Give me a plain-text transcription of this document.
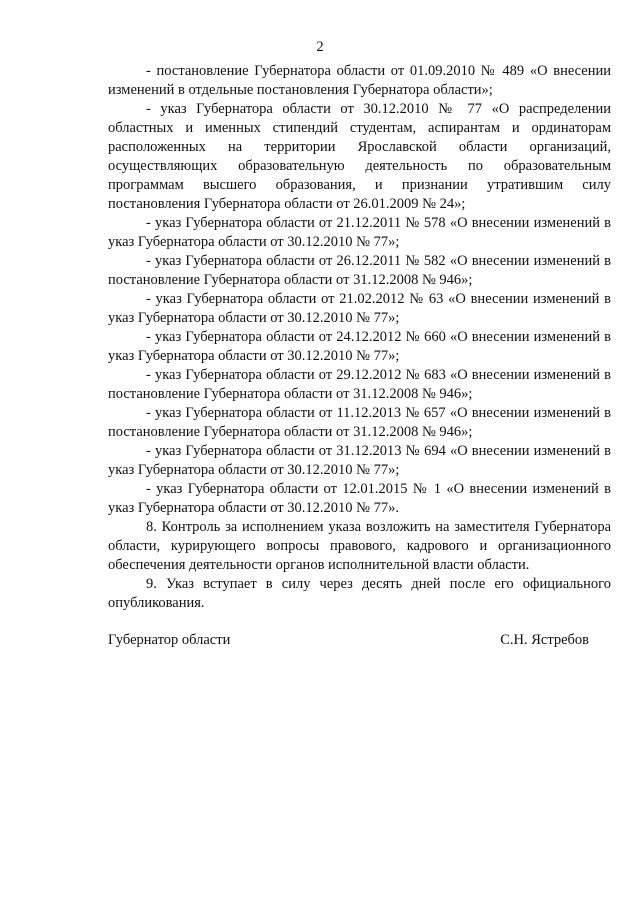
2

- постановление Губернатора области от 01.09.2010 № 489 «О внесении изменений в отдельные постановления Губернатора области»;

- указ Губернатора области от 30.12.2010 № 77 «О распределении областных и именных стипендий студентам, аспирантам и ординаторам расположенных на территории Ярославской области организаций, осуществляющих образовательную деятельность по образовательным программам высшего образования, и признании утратившим силу постановления Губернатора области от 26.01.2009 № 24»;

- указ Губернатора области от 21.12.2011 № 578 «О внесении изменений в указ Губернатора области от 30.12.2010 № 77»;

- указ Губернатора области от 26.12.2011 № 582 «О внесении изменений в постановление Губернатора области от 31.12.2008 № 946»;

- указ Губернатора области от 21.02.2012 № 63 «О внесении изменений в указ Губернатора области от 30.12.2010 № 77»;

- указ Губернатора области от 24.12.2012 № 660 «О внесении изменений в указ Губернатора области от 30.12.2010 № 77»;

- указ Губернатора области от 29.12.2012 № 683 «О внесении изменений в постановление Губернатора области от 31.12.2008 № 946»;

- указ Губернатора области от 11.12.2013 № 657 «О внесении изменений в постановление Губернатора области от 31.12.2008 № 946»;

- указ Губернатора области от 31.12.2013 № 694 «О внесении изменений в указ Губернатора области от 30.12.2010 № 77»;

- указ Губернатора области от 12.01.2015 № 1 «О внесении изменений в указ Губернатора области от 30.12.2010 № 77».

8. Контроль за исполнением указа возложить на заместителя Губернатора области, курирующего вопросы правового, кадрового и организационного обеспечения деятельности органов исполнительной власти области.

9. Указ вступает в силу через десять дней после его официального опубликования.

Губернатор области	С.Н. Ястребов
